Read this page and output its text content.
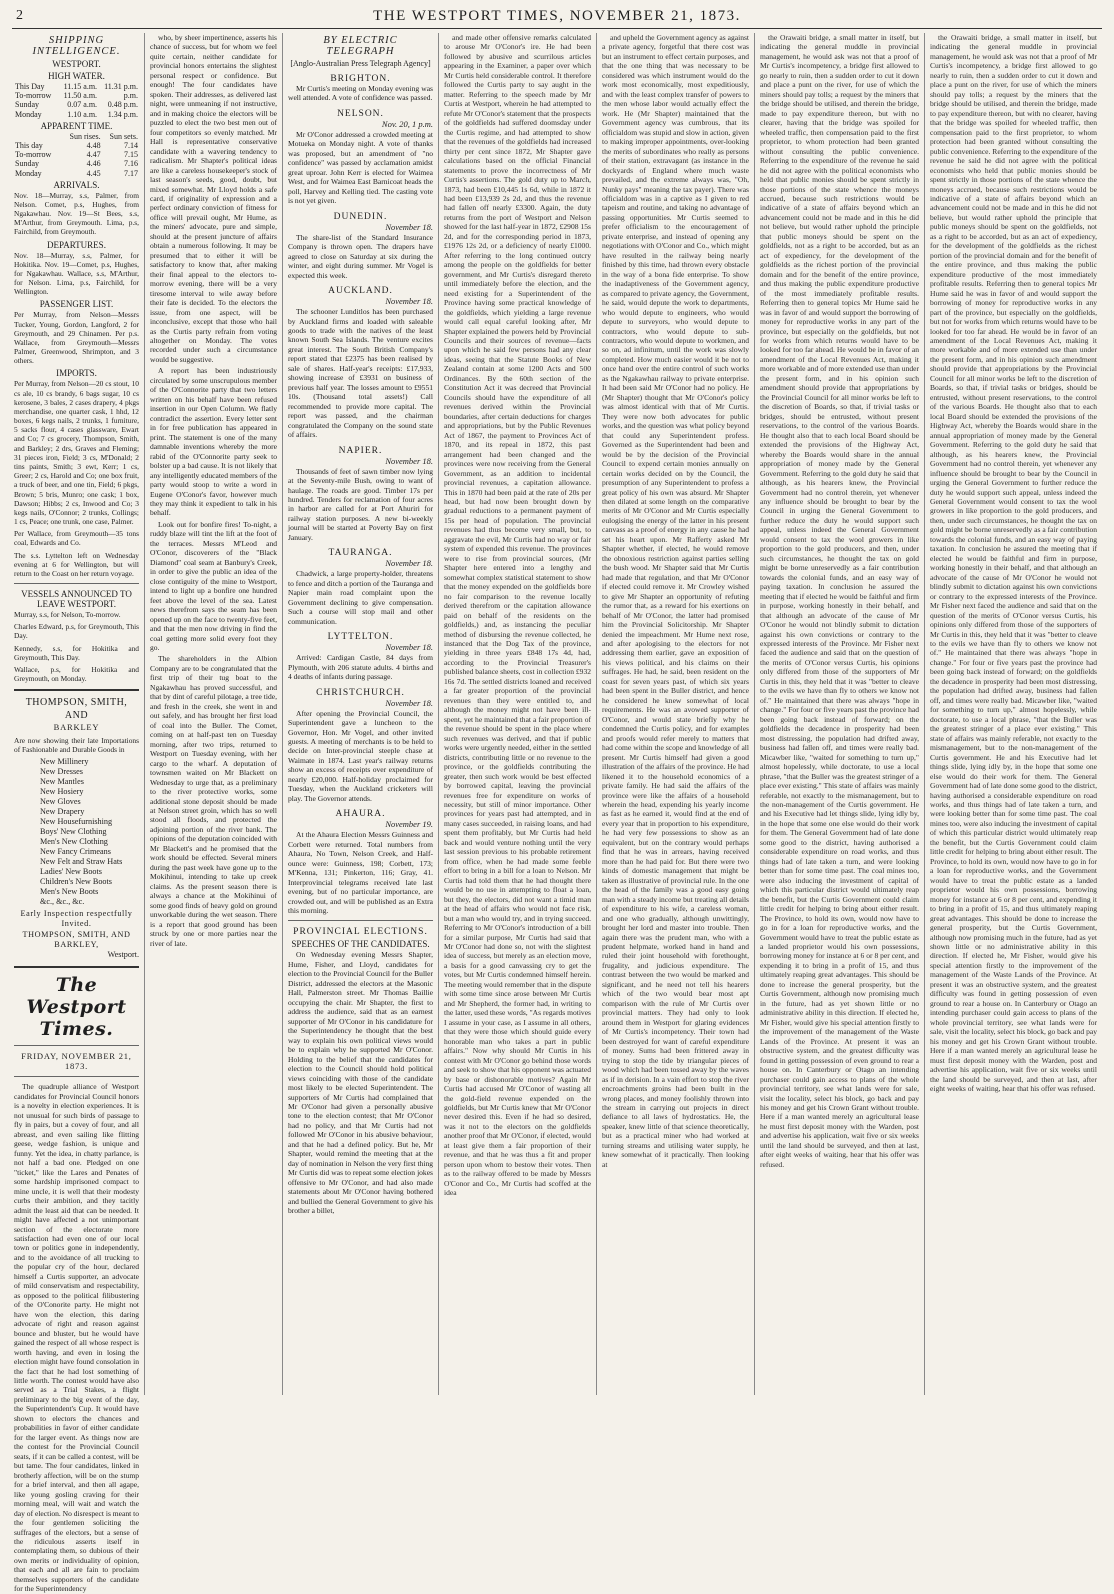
2	THE WESTPORT TIMES, NOVEMBER 21, 1873.
SHIPPING INTELLIGENCE.
WESTPORT.
HIGH WATER.
This Day	11.15 a.m.	11.31 p.m.
To-morrow	11.50 a.m.	p.m.
Sunday	0.07 a.m.	0.48 p.m.
Monday	1.10 a.m.	1.34 p.m.
APPARENT TIME.
	Sun rises.	Sun sets.
This day	4.48	7.14
To-morrow	4.47	7.15
Sunday	4.46	7.16
Monday	4.45	7.17
ARRIVALS.

Nov. 18—Murray, s.s, Palmer, from Nelson. Comet, p.s, Hughes, from Ngakawhau. Nov. 19—St Bees, s.s, M'Arthur, from Greymouth. Lima, p.s, Fairchild, from Greymouth.

DEPARTURES.

Nov. 18—Murray, s.s, Palmer, for Hokitika. Nov. 19—Comet, p.s, Hughes, for Ngakawhau. Wallace, s.s, M'Arthur, for Nelson. Lima, p.s, Fairchild, for Wellington.

PASSENGER LIST.

Per Murray, from Nelson—Messrs Tucker, Young, Gordon, Langford, 2 for Greymouth, and 29 Chinamen. Per p.s. Wallace, from Greymouth—Messrs Palmer, Greenwood, Shrimpton, and 3 others.

IMPORTS.

Per Murray, from Nelson—20 cs stout, 10 cs ale, 10 cs brandy, 6 bags sugar, 10 cs kerosene, 3 bales, 2 cases drapery, 4 pkgs merchandise, one quarter cask, 1 hhd, 12 boxes, 6 kegs nails, 2 trunks, 1 furniture, 5 sacks flour, 4 cases glassware, Ewart and Co; 7 cs grocery, Thompson, Smith, and Barkley; 2 drs, Graves and Fleming; 31 pieces iron, Field; 3 cs, M'Donald; 2 tins paints, Smith; 3 ewt, Kerr; 1 cs, Greer; 2 cs, Harold and Co; one box fruit, a truck of beer, and one tin, Field; 6 pkgs, Brown; 5 bris, Munro; one cask; 1 box, Dawson; Hibbs; 2 cs, Inwood and Co; 3 kegs nails, O'Connor; 2 trunks, Collings; 1 cs, Peace; one trunk, one case, Palmer.

Per Wallace, from Greymouth—35 tons coal, Edwards and Co.

The s.s. Lyttelton left on Wednesday evening at 6 for Wellington, but will return to the Coast on her return voyage.

VESSELS ANNOUNCED TO LEAVE WESTPORT.

Murray, s.s, for Nelson, To-morrow.

Charles Edward, p.s, for Greymouth, This Day.

Kennedy, s.s, for Hokitika and Greymouth, This Day.

Wallace, p.s, for Hokitika and Greymouth, on Monday.

THOMPSON, SMITH, AND
BARKLEY
Are now showing their late Importations of Fashionable and Durable Goods in
New Millinery
New Dresses
New Mantles
New Hosiery
New Gloves
New Drapery
New Housefurnishing
Boys' New Clothing
Men's New Clothing
New Fancy Crimeans
New Felt and Straw Hats
Ladies' New Boots
Children's New Boots
Men's New Boots
&c., &c., &c.
Early Inspection respectfully Invited.
THOMPSON, SMITH, AND BARKLEY,
Westport.
The Westport Times.
FRIDAY, NOVEMBER 21, 1873.

The quadruple alliance of Westport candidates for Provincial Council honors is a novelty in election experiences. It is not unusual for such birds of passage to fly in pairs, but a covey of four, and all abreast, and even sailing like flitting geese, wedge fashion, is unique and funny. Yet the idea, in chatty parlance, is not half a bad one. Pledged on one "ticket," like the Lares and Penates of some hardship imprisoned compact to mine uncle, it is well that their modesty curbs their ambition, and they tacitly admit the least aid that can be needed. It might have affected a not unimportant section of the electorate more satisfaction had even one of our local town or politics gone in independently, and to the avoidance of all trucking to the popular cry of the hour, declared himself a Curtis supporter, an advocate of mild conservatism and respectability, as opposed to the political filibustering of the O'Conorite party. He might not have won the election, this daring advocate of right and reason against bounce and bluster, but he would have gained the respect of all whose respect is worth having, and even in losing the election might have found consolation in the fact that he had lost something of little worth. The contest would have also served as a Trial Stakes, a flight preliminary to the big event of the day, the Superintendent's Cup. It would have shown to electors the chances and probabilities in favor of either candidate for the larger event. As things now are the contest for the Provincial Council seats, if it can be called a contest, will be but tame. The four candidates, linked in brotherly affection, will be on the stump for a brief interval, and then all agape, like young gosling craving for their morning meal, will wait and watch the day of election. No disrespect is meant to the four gentlemen soliciting the suffrages of the electors, but a sense of the ridiculous asserts itself in contemplating them, so dubious of their own merits or individuality of opinion, that each and all are fain to proclaim themselves supporters of the candidate for the Superintendency

who, by sheer impertinence, asserts his chance of success, but for whom we feel quite certain, neither candidate for provincial honors entertains the slightest personal respect or confidence. But enough! The four candidates have spoken. Their addresses, as delivered last night, were unmeaning if not instructive, and in making choice the electors will be puzzled to elect the two best men out of four competitors so evenly matched. Mr Hall is representative conservative candidate with a wavering tendency to radicalism. Mr Shapter's political ideas are like a careless housekeeper's stock of last season's seeds, good, doubt, but mixed somewhat. Mr Lloyd holds a safe card, if originality of expression and a perfect ordinary conviction of fitness for office will prevail ought, Mr Hume, as the miners' advocate, pure and simple, should at the present juncture of affairs obtain a numerous following. It may be presumed that to either it will be satisfactory to know that, after making their final appeal to the electors to-morrow evening, there will be a very tiresome interval to wile away before their fate is decided. To the electors the issue, from one aspect, will be inconclusive, except that those who hail as the Curtis party refrain from voting altogether on Monday. The votes recorded under such a circumstance would be suggestive.

A report has been industriously circulated by some unscrupulous member of the O'Connorite party that two letters written on his behalf have been refused insertion in our Open Column. We flatly contradict the assertion. Every letter sent in for free publication has appeared in print. The statement is one of the many damnable inventions whereby the more rabid of the O'Connorite party seek to bolster up a bad cause. It is not likely that any intelligently educated members of the party would stoop to write a word in Eugene O'Conor's favor, however much they may think it expedient to talk in his behalf.

Look out for bonfire fires! To-night, a ruddy blaze will tint the lift at the foot of the terraces. Messrs M'Leod and O'Conor, discoverers of the "Black Diamond" coal seam at Banbury's Creek, in order to give the public an idea of the close contiguity of the mine to Westport, intend to light up a bonfire one hundred feet above the level of the sea. Latest news therefrom says the seam has been opened up on the face to twenty-five feet, and that the men now driving in find the coal getting more solid every foot they go.

The shareholders in the Albion Company are to be congratulated that the first trip of their tug boat to the Ngakawhau has proved successful, and that by dint of careful pilotage, a tree tide, and fresh in the creek, she went in and out safely, and has brought her first load of coal into the Buller. The Comet, coming on at half-past ten on Tuesday morning, after two trips, returned to Westport on Tuesday evening, with her cargo to the wharf. A deputation of townsmen waited on Mr Blackett on Wednesday to urge that, as a preliminary to the river protective works, some additional stone deposit should be made at Nelson street groin, which has so well stood all floods, and protected the adjoining portion of the river bank. The opinions of the deputation coincided with Mr Blackett's and he promised that the work should be effected. Several miners during the past week have gone up to the Mokihinui, intending to take up creek claims. As the present season there is always a chance at the Mokihinui of some good finds of heavy gold on ground unworkable during the wet season. There is a report that good ground has been struck by one or more parties near the river of late.

BY ELECTRIC TELEGRAPH
[Anglo-Australian Press Telegraph Agency]
BRIGHTON.

Mr Curtis's meeting on Monday evening was well attended. A vote of confidence was passed.

NELSON.
Nov. 20, 1 p.m.

Mr O'Conor addressed a crowded meeting at Motueka on Monday night. A vote of thanks was proposed, but an amendment of "no confidence" was passed by acclamation amidst great uproar. John Kerr is elected for Waimea West, and for Waimea East Barnicoat heads the poll, Harvey and Kelling tied. The casting vote is not yet given.

DUNEDIN.
November 18.

The share-list of the Standard Insurance Company is thrown open. The drapers have agreed to close on Saturday at six during the winter, and eight during summer. Mr Vogel is expected this week.

AUCKLAND.
November 18.

The schooner Lunditlos has been purchased by Auckland firms and loaded with saleable goods to trade with the natives of the least known South Sea Islands. The venture excites great interest. The South British Company's report stated that £2375 has been realised by sale of shares. Half-year's receipts: £17,933, showing increase of £3931 on business of previous half year. The losses amount to £9551 10s. (Thousand total assets!) Call recommended to provide more capital. The report was passed, and the chairman congratulated the Company on the sound state of affairs.

NAPIER.
November 18.

Thousands of feet of sawn timber now lying at the Seventy-mile Bush, owing to want of haulage. The roads are good. Timber 17s per hundred. Tenders for reclamation of four acres in harbor are called for at Port Ahuriri for railway station purposes. A new bi-weekly journal will be started at Poverty Bay on first January.

TAURANGA.
November 18.

Chadwick, a large property-holder, threatens to fence and ditch a portion of the Tauranga and Napier main road complaint upon the Government declining to give compensation. Such a course will stop mail and other communication.

LYTTELTON.
November 18.

Arrived: Cardigan Castle, 84 days from Plymouth, with 206 statute adults. 4 births and 4 deaths of infants during passage.

CHRISTCHURCH.
November 18.

After opening the Provincial Council, the Superintendent gave a luncheon to the Governor, Hon. Mr Vogel, and other invited guests. A meeting of merchants is to be held to decide on Inter-provincial steeple chase at Waimate in 1874. Last year's railway returns show an excess of receipts over expenditure of nearly £20,000. Half-holiday proclaimed for Tuesday, when the Auckland cricketers will play. The Governor attends.

AHAURA.
November 19.

At the Ahaura Election Messrs Guinness and Corbett were returned. Total numbers from Ahaura, No Town, Nelson Creek, and Half-ounce were: Guinness, 198; Corbett, 173; M'Kenna, 131; Pinkerton, 116; Gray, 41. Interprovincial telegrams received late last evening, but of no particular importance, are crowded out, and will be published as an Extra this morning.

PROVINCIAL ELECTIONS.
SPEECHES OF THE CANDIDATES.

On Wednesday evening Messrs Shapter, Hume, Fisher, and Lloyd, candidates for election to the Provincial Council for the Buller District, addressed the electors at the Masonic Hall, Palmerston street. Mr Thomas Baillie occupying the chair. Mr Shapter, the first to address the audience, said that as an earnest supporter of Mr O'Conor in his candidature for the Superintendency he thought that the best way to explain his own political views would be to explain why he supported Mr O'Conor. Holding to the belief that the candidates for election to the Council should hold political views coinciding with those of the candidate most likely to be elected Superintendent. The supporters of Mr Curtis had complained that Mr O'Conor had given a personally abusive tone to the election contest; that Mr O'Conor had no policy, and that Mr Curtis had not followed Mr O'Conor in his abusive behaviour, and that he had a defined policy. But he, Mr Shapter, would remind the meeting that at the day of nomination in Nelson the very first thing Mr Curtis did was to repeat some election jokes offensive to Mr O'Conor, and had also made statements about Mr O'Conor having bothered and bullied the General Government to give his brother a billet,

and made other offensive remarks calculated to arouse Mr O'Conor's ire. He had been followed by abusive and scurrilous articles appearing in the Examiner, a paper over which Mr Curtis held considerable control. It therefore followed the Curtis party to say aught in the matter. Referring to the speech made by Mr Curtis at Westport, wherein he had attempted to refute Mr O'Conor's statement that the prospects of the goldfields had suffered doomsday under the Curtis regime, and had attempted to show that the revenues of the goldfields had increased thirty per cent since 1872, Mr Shapter gave calculations based on the official Financial statements to prove the incorrectness of Mr Curtis's assertions. The gold duty up to March, 1873, had been £10,445 1s 6d, while in 1872 it had been £13,939 2s 2d, and thus the revenue had fallen off nearly £3300. Again, the duty returns from the port of Westport and Nelson showed for the last half-year in 1872, £2908 15s 2d, and for the corresponding period in 1873, £1976 12s 2d, or a deficiency of nearly £1000. After referring to the long continued outcry among the people on the goldfields for better government, and Mr Curtis's disregard thereto until immediately before the election, and the need existing for a Superintendent of the Province having some practical knowledge of the goldfields, which yielding a large revenue would call equal careful looking after, Mr Shapter explained the powers held by Provincial Councils and their sources of revenue—facts upon which he said few persons had any clear ideas, seeing that the Statute Books of New Zealand contain at some 1200 Acts and 500 Ordinances. By the 60th section of the Constitution Act it was decreed that Provincial Councils should have the expenditure of all revenues derived within the Provincial boundaries, after certain deductions for charges and appropriations, but by the Public Revenues Act of 1867, the payment to Provinces Act of 1870, and its repeal in 1872, this past arrangement had been changed and the provinces were now receiving from the General Government, as an addition to incidental provincial revenues, a capitation allowance. This in 1870 had been paid at the rate of 20s per head, but had now been brought down by gradual reductions to a permanent payment of 15s per head of population. The provincial revenues had thus become very small, but, to aggravate the evil, Mr Curtis had no way or fair system of expended this revenue. The provinces were to rise from provincial sources, (Mr Shapter here entered into a lengthy and somewhat complex statistical statement to show that the money expended on the goldfields bore no fair comparison to the revenue locally derived therefrom or the capitation allowance paid on behalf of the residents on the goldfields,) and, as instancing the peculiar method of disbursing the revenue collected, he instanced that the Dog Tax of the province, yielding in three years £848 17s 4d, had, according to the Provincial Treasurer's published balance sheets, cost in collection £932 16s 7d. The settled districts loaned and received a far greater proportion of the provincial revenues than they were entitled to, and although the money might not have been ill-spent, yet he maintained that a fair proportion of the revenue should be spent in the place where such revenues was derived, and that if public works were urgently needed, either in the settled districts, contributing little or no revenue to the province, or the goldfields contributing the greater, then such work would be best effected by borrowed capital, leaving the provincial revenues free for expenditure on works of necessity, but still of minor importance. Other provinces for years past had attempted, and in many cases succeeded, in raising loans, and had spent them profitably, but Mr Curtis had held back and would venture nothing until the very last session previous to his probable retirement from office, when he had made some feeble effort to bring in a bill for a loan to Nelson. Mr Curtis had told them that he had thought there would be no use in attempting to float a loan, but they, the electors, did not want a timid man at the head of affairs who would not face risk, but a man who would try, and in trying succeed. Referring to Mr O'Conor's introduction of a bill for a similar purpose, Mr Curtis had said that Mr O'Conor had done so, not with the slightest idea of success, but merely as an election move, a basis for a good canvassing cry to get the votes, but Mr Curtis condemned himself herein. The meeting would remember that in the dispute with some time since arose between Mr Curtis and Mr Shepherd, the former had, in writing to the latter, used these words, "As regards motives I assume in your case, as I assume in all others, that they were those which should guide every honorable man who takes a part in public affairs." Now why should Mr Curtis in his contest with Mr O'Conor go behind those words and seek to show that his opponent was actuated by base or dishonorable motives? Again Mr Curtis had accused Mr O'Conor of wasting all the gold-field revenue expended on the goldfields, but Mr Curtis knew that Mr O'Conor never desired this. Even if he had so desired, was it not to the electors on the goldfields another proof that Mr O'Conor, if elected, would at least give them a fair proportion of their revenue, and that he was thus a fit and proper person upon whom to bestow their votes. Then as to the railway offered to be made by Messrs O'Conor and Co., Mr Curtis had scoffed at the idea

and upheld the Government agency as against a private agency, forgetful that there cost was but an instrument to effect certain purposes, and that the one thing that was necessary to be considered was which instrument would do the work most economically, most expeditiously, and with the least complex transfer of powers to the men whose labor would actually effect the work. He (Mr Shapter) maintained that the Government agency was cumbrous, that its officialdom was stupid and slow in action, given to making improper appointments, over-looking the merits of subordinates who really as persons of their station, extravagant (as instance in the dockyards of England where much waste prevailed, and the extreme always was, "Oh, Nunky pays" meaning the tax payer). There was officialdom was in a captive as I given to red tapeism and routine, and taking no advantage of passing opportunities. Mr Curtis seemed to prefer officialism to the encouragement of private enterprise, and instead of opening any negotiations with O'Conor and Co., which might have resulted in the railway being nearly finished by this time, had thrown every obstacle in the way of a bona fide enterprise. To show the inadaptiveness of the Government agency, as compared to private agency, the Government, he said, would depute the work to departments, who would depute to engineers, who would depute to surveyors, who would depute to contractors, who would depute to sub-contractors, who would depute to workmen, and so on, ad infinitum, until the work was slowly completed. How much easier would it be not to once hand over the entire control of such works as the Ngakawhau railway to private enterprise. It had been said Mr O'Conor had no policy. He (Mr Shapter) thought that Mr O'Conor's policy was almost identical with that of Mr Curtis. They were now both advocates for public works, and the question was what policy beyond that could any Superintendent profess. Governed as the Superintendent had been and would be by the decision of the Provincial Council to expend certain monies annually on certain works decided on by the Council, the presumption of any Superintendent to profess a great policy of his own was absurd. Mr Shapter then dilated at some length on the comparative merits of Mr O'Conor and Mr Curtis especially eulogising the energy of the latter in his present canvass as a proof of energy in any cause he had set his heart upon. Mr Rafferty asked Mr Shapter whether, if elected, he would remove the obnoxious restriction against parties selling the bush wood. Mr Shapter said that Mr Curtis had made that regulation, and that Mr O'Conor if elected could remove it. Mr Crowley wished to give Mr Shapter an opportunity of refuting the rumor that, as a reward for his exertions on behalf of Mr O'Conor, the latter had promised him the Provincial Solicitorship. Mr Shapter denied the impeachment. Mr Hume next rose, and after apologising to the electors for not addressing them earlier, gave an exposition of his views political, and his claims on their suffrages. He had, he said, been resident on the coast for seven years past, of which six years had been spent in the Buller district, and hence he considered he knew somewhat of local requirements. He was an avowed supporter of O'Conor, and would state briefly why he condemned the Curtis policy, and for examples and proofs would refer merely to matters that had come within the scope and knowledge of all present. Mr Curtis himself had given a good illustration of the affairs of the province. He had likened it to the household economics of a private family. He had said the affairs of the province were like the affairs of a household wherein the head, expending his yearly income as fast as he earned it, would find at the end of every year that in proportion to his expenditure, he had very few possessions to show as an equivalent, but on the contrary would perhaps find that he was in arrears, having received more than he had paid for. But there were two kinds of domestic management that might be taken as illustrative of provincial rule. In the one the head of the family was a good easy going man with a steady income but treating all details of expenditure to his wife, a careless woman, and one who gradually, although unwittingly, brought her lord and master into trouble. Then again there was the prudent man, who with a prudent helpmate, worked hand in hand and ruled their joint household with forethought, frugality, and judicious expenditure. The contrast between the two would be marked and significant, and he need not tell his hearers which of the two would bear most apt comparison with the rule of Mr Curtis over provincial matters. They had only to look around them in Westport for glaring evidences of Mr Curtis's incompetency. Their town had been destroyed for want of careful expenditure of money. Sums had been frittered away in trying to stop the tide by triangular pieces of wood which had been tossed away by the waves as if in derision. In a vain effort to stop the river encroachments groins had been built in the wrong places, and money foolishly thrown into the stream in carrying out projects in direct defiance to all laws of hydrostatics. He, the speaker, knew little of that science theoretically, but as a practical miner who had worked at turning streams and utilising water supply, he knew somewhat of it practically. Then looking at

the Orawaiti bridge, a small matter in itself, but indicating the general muddle in provincial management, he would ask was not that a proof of Mr Curtis's incompetency, a bridge first allowed to go nearly to ruin, then a sudden order to cut it down and place a punt on the river, for use of which the miners should pay tolls; a request by the miners that the bridge should be utilised, and therein the bridge, made to pay expenditure thereon, but with no clearer, having that the bridge was spoiled for wheeled traffic, then compensation paid to the first proprietor, to whom protection had been granted without consulting the public convenience. Referring to the expenditure of the revenue he said he did not agree with the political economists who held that public monies should be spent strictly in those portions of the state whence the moneys accrued, because such restrictions would be indicative of a state of affairs beyond which an advancement could not be made and in this he did not believe, but would rather uphold the principle that public moneys should be spent on the goldfields, not as a right to be accorded, but as an act of expediency, for the development of the goldfields as the richest portion of the provincial domain and for the benefit of the entire province, and thus making the public expenditure productive of the most immediately profitable results. Referring then to general topics Mr Hume said he was in favor of and would support the borrowing of money for reproductive works in any part of the province, but especially on the goldfields, but not for works from which returns would have to be looked for too far ahead. He would be in favor of an amendment of the Local Revenues Act, making it more workable and of more extended use than under the present form, and in his opinion such amendment should provide that appropriations by the Provincial Council for all minor works be left to the discretion of Boards, so that, if trivial tasks or bridges, should be entrusted, without present reservations, to the control of the various Boards. He thought also that to each local Board should be extended the provisions of the Highway Act, whereby the Boards would share in the annual appropriation of money made by the General Government. Referring to the gold duty he said that although, as his hearers knew, the Provincial Government had no control therein, yet whenever any influence should be brought to bear by the Council in urging the General Government to further reduce the duty he would support such appeal, unless indeed the General Government would consent to tax the wool growers in like proportion to the gold producers, and then, under such circumstances, he thought the tax on gold might be borne unreservedly as a fair contribution towards the colonial funds, and an easy way of paying taxation. In conclusion he assured the meeting that if elected he would be faithful and firm in purpose, working honestly in their behalf, and that although an advocate of the cause of Mr O'Conor he would not blindly submit to dictation against his own convictions or contrary to the expressed interests of the Province. Mr Fisher next faced the audience and said that on the question of the merits of O'Conor versus Curtis, his opinions only differed from those of the supporters of Mr Curtis in this, they held that it was "better to cleave to the evils we have than fly to others we know not of." He maintained that there was always "hope in change." For four or five years past the province had been going back instead of forward; on the goldfields the decadence in prosperity had been most distressing, the population had drifted away, business had fallen off, and times were really bad. Micawber like, "waited for something to turn up," almost hopelessly, while doctorate, to use a local phrase, "that the Buller was the greatest stringer of a place ever existing." This state of affairs was mainly referable, not exactly to the mismanagement, but to the non-management of the Curtis government. He and his Executive had let things slide, lying idly by, in the hope that some one else would do their work for them. The General Government had of late done some good to the district, having authorised a considerable expenditure on road works, and thus things had of late taken a turn, and were looking better than for some time past. The coal mines too, were also inducing the investment of capital of which this particular district would ultimately reap the benefit, but the Curtis Government could claim little credit for helping to bring about either result. The Province, to hold its own, would now have to go in for a loan for reproductive works, and the Government would have to treat the public estate as a landed proprietor would his own possessions, borrowing money for instance at 6 or 8 per cent, and expending it to bring in a profit of 15, and thus ultimately reaping great advantages. This should be done to increase the general prosperity, but the Curtis Government, although now promising much in the future, had as yet shown little or no administrative ability in this direction. If elected he, Mr Fisher, would give his special attention firstly to the improvement of the management of the Waste Lands of the Province. At present it was an obstructive system, and the greatest difficulty was found in getting possession of even ground to rear a house on. In Canterbury or Otago an intending purchaser could gain access to plans of the whole provincial territory, see what lands were for sale, visit the locality, select his block, go back and pay his money and get his Crown Grant without trouble. Here if a man wanted merely an agricultural lease he must first deposit money with the Warden, post and advertise his application, wait five or six weeks until the land should be surveyed, and then at last, after eight weeks of waiting, hear that his offer was refused.

the Orawaiti bridge, a small matter in itself, but indicating the general muddle in provincial management, he would ask was not that a proof of Mr Curtis's incompetency, a bridge first allowed to go nearly to ruin, then a sudden order to cut it down and place a punt on the river, for use of which the miners should pay tolls; a request by the miners that the bridge should be utilised, and therein the bridge, made to pay expenditure thereon, but with no clearer, having that the bridge was spoiled for wheeled traffic, then compensation paid to the first proprietor, to whom protection had been granted without consulting the public convenience. Referring to the expenditure of the revenue he said he did not agree with the political economists who held that public monies should be spent strictly in those portions of the state whence the moneys accrued, because such restrictions would be indicative of a state of affairs beyond which an advancement could not be made and in this he did not believe, but would rather uphold the principle that public moneys should be spent on the goldfields, not as a right to be accorded, but as an act of expediency, for the development of the goldfields as the richest portion of the provincial domain and for the benefit of the entire province, and thus making the public expenditure productive of the most immediately profitable results. Referring then to general topics Mr Hume said he was in favor of and would support the borrowing of money for reproductive works in any part of the province, but especially on the goldfields, but not for works from which returns would have to be looked for too far ahead. He would be in favor of an amendment of the Local Revenues Act, making it more workable and of more extended use than under the present form, and in his opinion such amendment should provide that appropriations by the Provincial Council for all minor works be left to the discretion of Boards, so that, if trivial tasks or bridges, should be entrusted, without present reservations, to the control of the various Boards. He thought also that to each local Board should be extended the provisions of the Highway Act, whereby the Boards would share in the annual appropriation of money made by the General Government. Referring to the gold duty he said that although, as his hearers knew, the Provincial Government had no control therein, yet whenever any influence should be brought to bear by the Council in urging the General Government to further reduce the duty he would support such appeal, unless indeed the General Government would consent to tax the wool growers in like proportion to the gold producers, and then, under such circumstances, he thought the tax on gold might be borne unreservedly as a fair contribution towards the colonial funds, and an easy way of paying taxation. In conclusion he assured the meeting that if elected he would be faithful and firm in purpose, working honestly in their behalf, and that although an advocate of the cause of Mr O'Conor he would not blindly submit to dictation against his own convictions or contrary to the expressed interests of the Province. Mr Fisher next faced the audience and said that on the question of the merits of O'Conor versus Curtis, his opinions only differed from those of the supporters of Mr Curtis in this, they held that it was "better to cleave to the evils we have than fly to others we know not of." He maintained that there was always "hope in change." For four or five years past the province had been going back instead of forward; on the goldfields the decadence in prosperity had been most distressing, the population had drifted away, business had fallen off, and times were really bad. Micawber like, "waited for something to turn up," almost hopelessly, while doctorate, to use a local phrase, "that the Buller was the greatest stringer of a place ever existing." This state of affairs was mainly referable, not exactly to the mismanagement, but to the non-management of the Curtis government. He and his Executive had let things slide, lying idly by, in the hope that some one else would do their work for them. The General Government had of late done some good to the district, having authorised a considerable expenditure on road works, and thus things had of late taken a turn, and were looking better than for some time past. The coal mines too, were also inducing the investment of capital of which this particular district would ultimately reap the benefit, but the Curtis Government could claim little credit for helping to bring about either result. The Province, to hold its own, would now have to go in for a loan for reproductive works, and the Government would have to treat the public estate as a landed proprietor would his own possessions, borrowing money for instance at 6 or 8 per cent, and expending it to bring in a profit of 15, and thus ultimately reaping great advantages. This should be done to increase the general prosperity, but the Curtis Government, although now promising much in the future, had as yet shown little or no administrative ability in this direction. If elected he, Mr Fisher, would give his special attention firstly to the improvement of the management of the Waste Lands of the Province. At present it was an obstructive system, and the greatest difficulty was found in getting possession of even ground to rear a house on. In Canterbury or Otago an intending purchaser could gain access to plans of the whole provincial territory, see what lands were for sale, visit the locality, select his block, go back and pay his money and get his Crown Grant without trouble. Here if a man wanted merely an agricultural lease he must first deposit money with the Warden, post and advertise his application, wait five or six weeks until the land should be surveyed, and then at last, after eight weeks of waiting, hear that his offer was refused.
